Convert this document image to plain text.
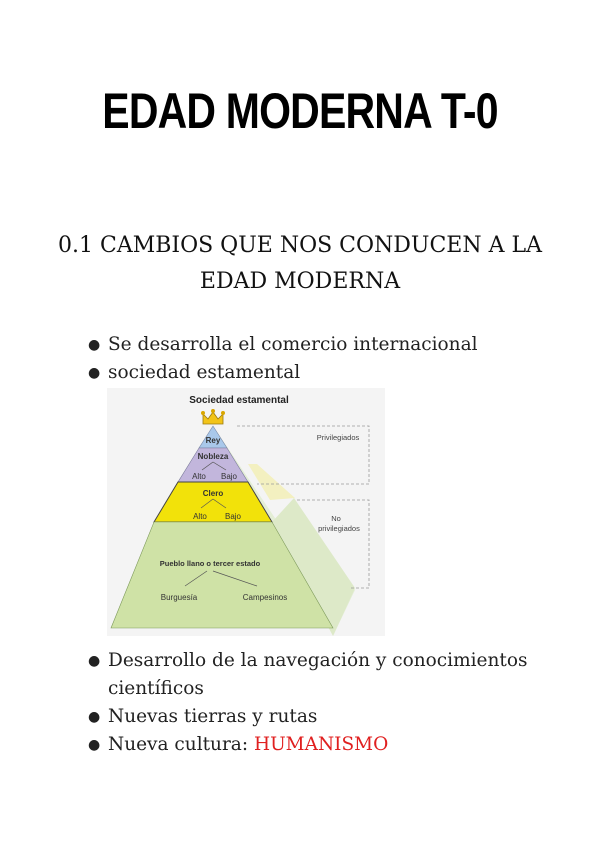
EDAD MODERNA T-0
0.1 CAMBIOS QUE NOS CONDUCEN A LA EDAD MODERNA
● Se desarrolla el comercio internacional
● sociedad estamental
Sociedad estamental
Rey
Nobleza
Alto Bajo
Clero
Alto Bajo
Pueblo llano o tercer estado
Burguesía	Campesinos
Privilegiados
No
privilegiados
● Desarrollo de la navegación y conocimientos científicos
● Nuevas tierras y rutas
● Nueva cultura: HUMANISMO
